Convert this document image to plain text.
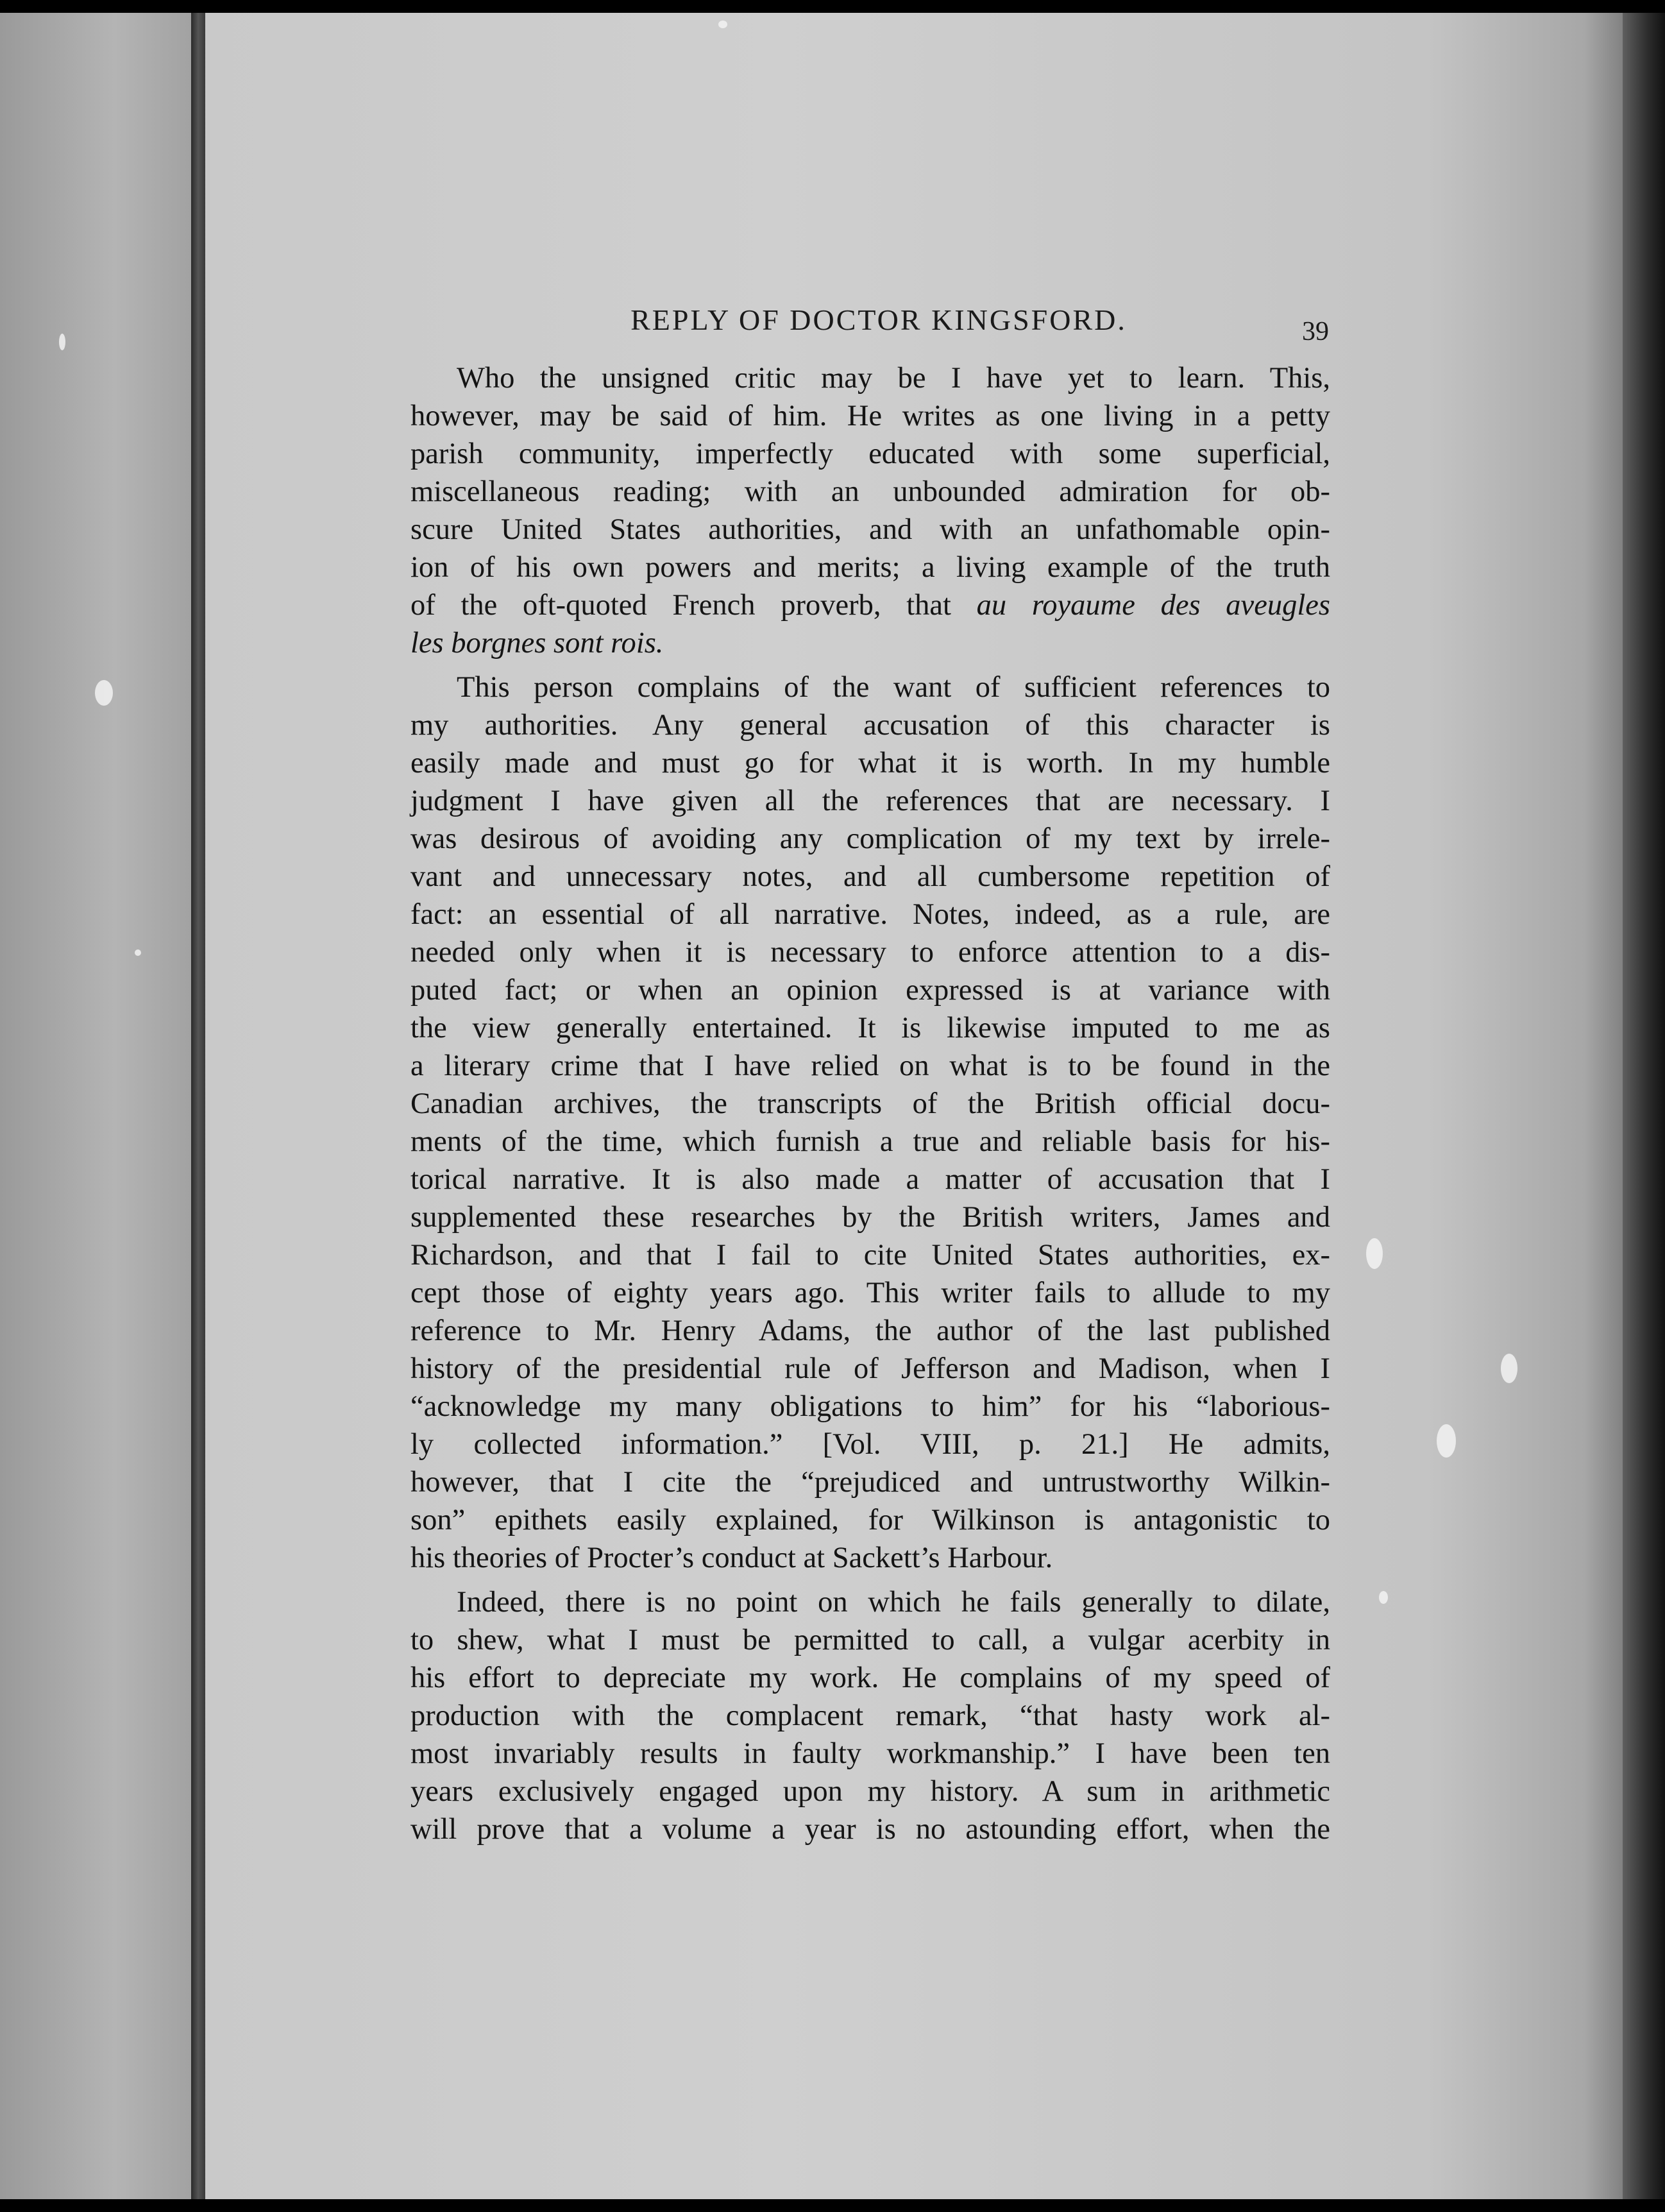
REPLY OF DOCTOR KINGSFORD.	39
Who the unsigned critic may be I have yet to learn. This,
however, may be said of him. He writes as one living in a petty
parish community, imperfectly educated with some superficial,
miscellaneous reading; with an unbounded admiration for ob-
scure United States authorities, and with an unfathomable opin-
ion of his own powers and merits; a living example of the truth
of the oft-quoted French proverb, that au royaume des aveugles
les borgnes sont rois.
This person complains of the want of sufficient references to
my authorities. Any general accusation of this character is
easily made and must go for what it is worth. In my humble
judgment I have given all the references that are necessary. I
was desirous of avoiding any complication of my text by irrele-
vant and unnecessary notes, and all cumbersome repetition of
fact: an essential of all narrative. Notes, indeed, as a rule, are
needed only when it is necessary to enforce attention to a dis-
puted fact; or when an opinion expressed is at variance with
the view generally entertained. It is likewise imputed to me as
a literary crime that I have relied on what is to be found in the
Canadian archives, the transcripts of the British official docu-
ments of the time, which furnish a true and reliable basis for his-
torical narrative. It is also made a matter of accusation that I
supplemented these researches by the British writers, James and
Richardson, and that I fail to cite United States authorities, ex-
cept those of eighty years ago. This writer fails to allude to my
reference to Mr. Henry Adams, the author of the last published
history of the presidential rule of Jefferson and Madison, when I
“acknowledge my many obligations to him” for his “laborious-
ly collected information.” [Vol. VIII, p. 21.] He admits,
however, that I cite the “prejudiced and untrustworthy Wilkin-
son” epithets easily explained, for Wilkinson is antagonistic to
his theories of Procter’s conduct at Sackett’s Harbour.
Indeed, there is no point on which he fails generally to dilate,
to shew, what I must be permitted to call, a vulgar acerbity in
his effort to depreciate my work. He complains of my speed of
production with the complacent remark, “that hasty work al-
most invariably results in faulty workmanship.” I have been ten
years exclusively engaged upon my history. A sum in arithmetic
will prove that a volume a year is no astounding effort, when the
